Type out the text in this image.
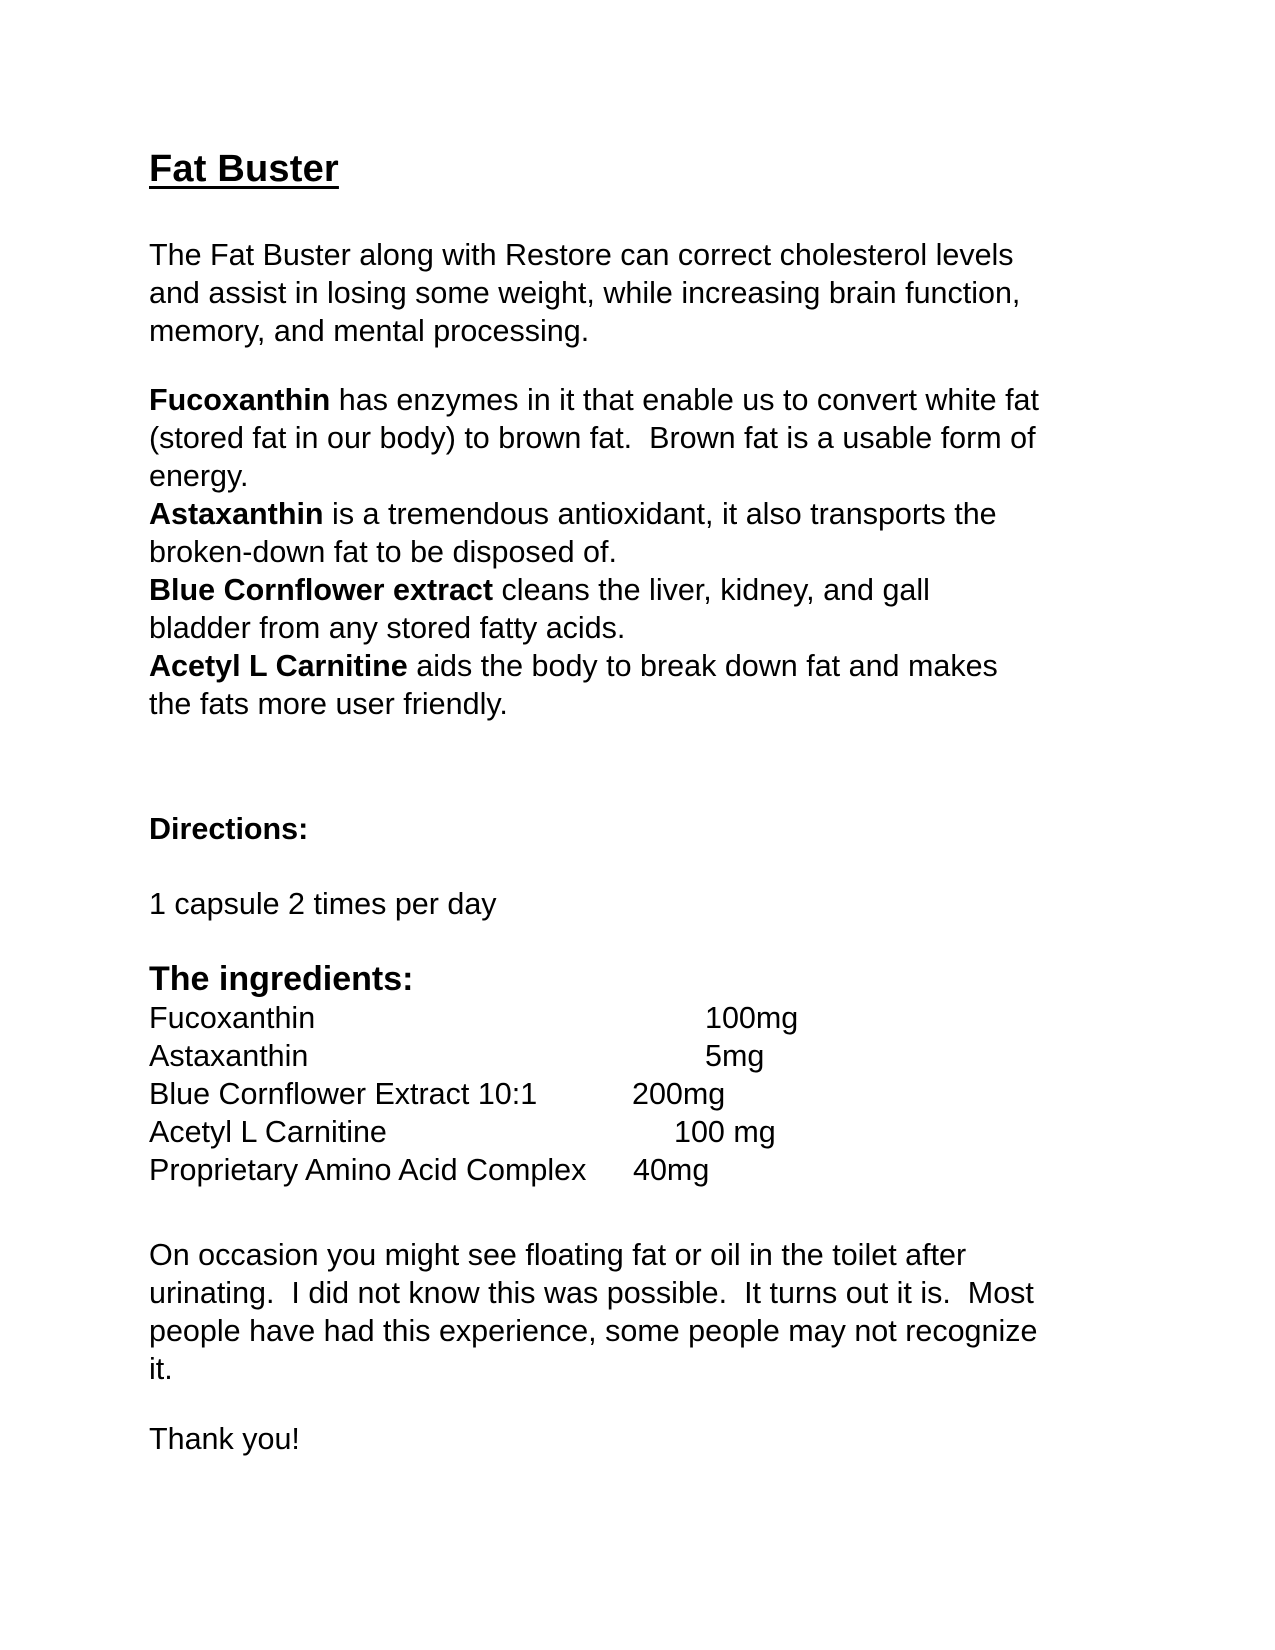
Fat Buster
The Fat Buster along with Restore can correct cholesterol levels
and assist in losing some weight, while increasing brain function,
memory, and mental processing.
Fucoxanthin has enzymes in it that enable us to convert white fat
(stored fat in our body) to brown fat.  Brown fat is a usable form of
energy.
Astaxanthin is a tremendous antioxidant, it also transports the
broken-down fat to be disposed of.
Blue Cornflower extract cleans the liver, kidney, and gall
bladder from any stored fatty acids.
Acetyl L Carnitine aids the body to break down fat and makes
the fats more user friendly.
Directions:
1 capsule 2 times per day
The ingredients:
Fucoxanthin	100mg
Astaxanthin	5mg
Blue Cornflower Extract 10:1	200mg
Acetyl L Carnitine	100 mg
Proprietary Amino Acid Complex 40mg
On occasion you might see floating fat or oil in the toilet after
urinating.  I did not know this was possible.  It turns out it is.  Most
people have had this experience, some people may not recognize
it.
Thank you!
